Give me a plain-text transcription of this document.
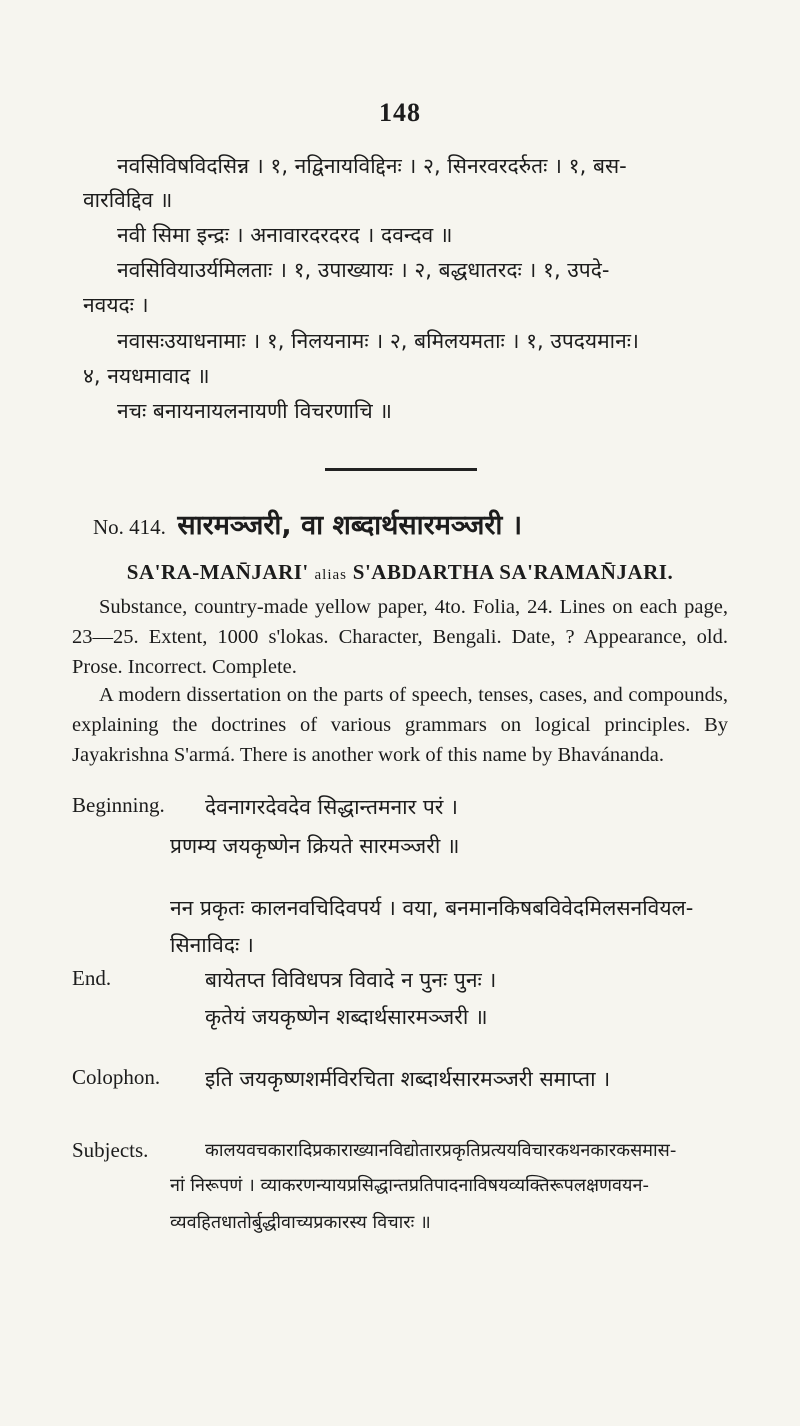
148
नवसिविषविदसिन्न । १, नद्विनायविद्दिनः । २, सिनरवरदर्रुतः । १, बस-
वारविद्दिव ॥
नवी सिमा इन्द्रः । अनावारदरदरद । दवन्दव ॥
नवसिवियाउर्यमिलताः । १, उपाख्यायः । २, बद्धधातरदः । १, उपदे-
नवयदः ।
नवासःउयाधनामाः । १, निलयनामः । २, बमिलयमताः । १, उपदयमानः।
४, नयधमावाद ॥
नचः बनायनायलनायणी विचरणाचि ॥
No. 414. सारमञ्जरी, वा शब्दार्थसारमञ्जरी ।
SA'RA-MAN̄JARI' alias S'ABDARTHA SA'RAMAN̄JARI.
Substance, country-made yellow paper, 4to. Folia, 24. Lines on each page, 23—25. Extent, 1000 s'lokas. Character, Bengali. Date, ? Appearance, old. Prose. Incorrect. Complete.
A modern dissertation on the parts of speech, tenses, cases, and compounds, explaining the doctrines of various grammars on logical principles. By Jayakrishna S'armá. There is another work of this name by Bhavánanda.
Beginning. देवनागरदेवदेव सिद्धान्तमनार परं ।
प्रणम्य जयकृष्णेन क्रियते सारमञ्जरी ॥
नन प्रकृतः कालनवचिदिवपर्य । वया, बनमानकिषबविवेदमिलसनवियल-
सिनाविदः ।
End.	बायेतप्त विविधपत्र विवादे न पुनः पुनः ।
कृतेयं जयकृष्णेन शब्दार्थसारमञ्जरी ॥
Colophon. इति जयकृष्णशर्मविरचिता शब्दार्थसारमञ्जरी समाप्ता ।
Subjects.	कालयवचकारादिप्रकाराख्यानविद्योतारप्रकृतिप्रत्ययविचारकथनकारकसमास-
नां निरूपणं । व्याकरणन्यायप्रसिद्धान्तप्रतिपादनाविषयव्यक्तिरूपलक्षणवयन-
व्यवहितधातोर्बुद्धीवाच्यप्रकारस्य विचारः ॥
